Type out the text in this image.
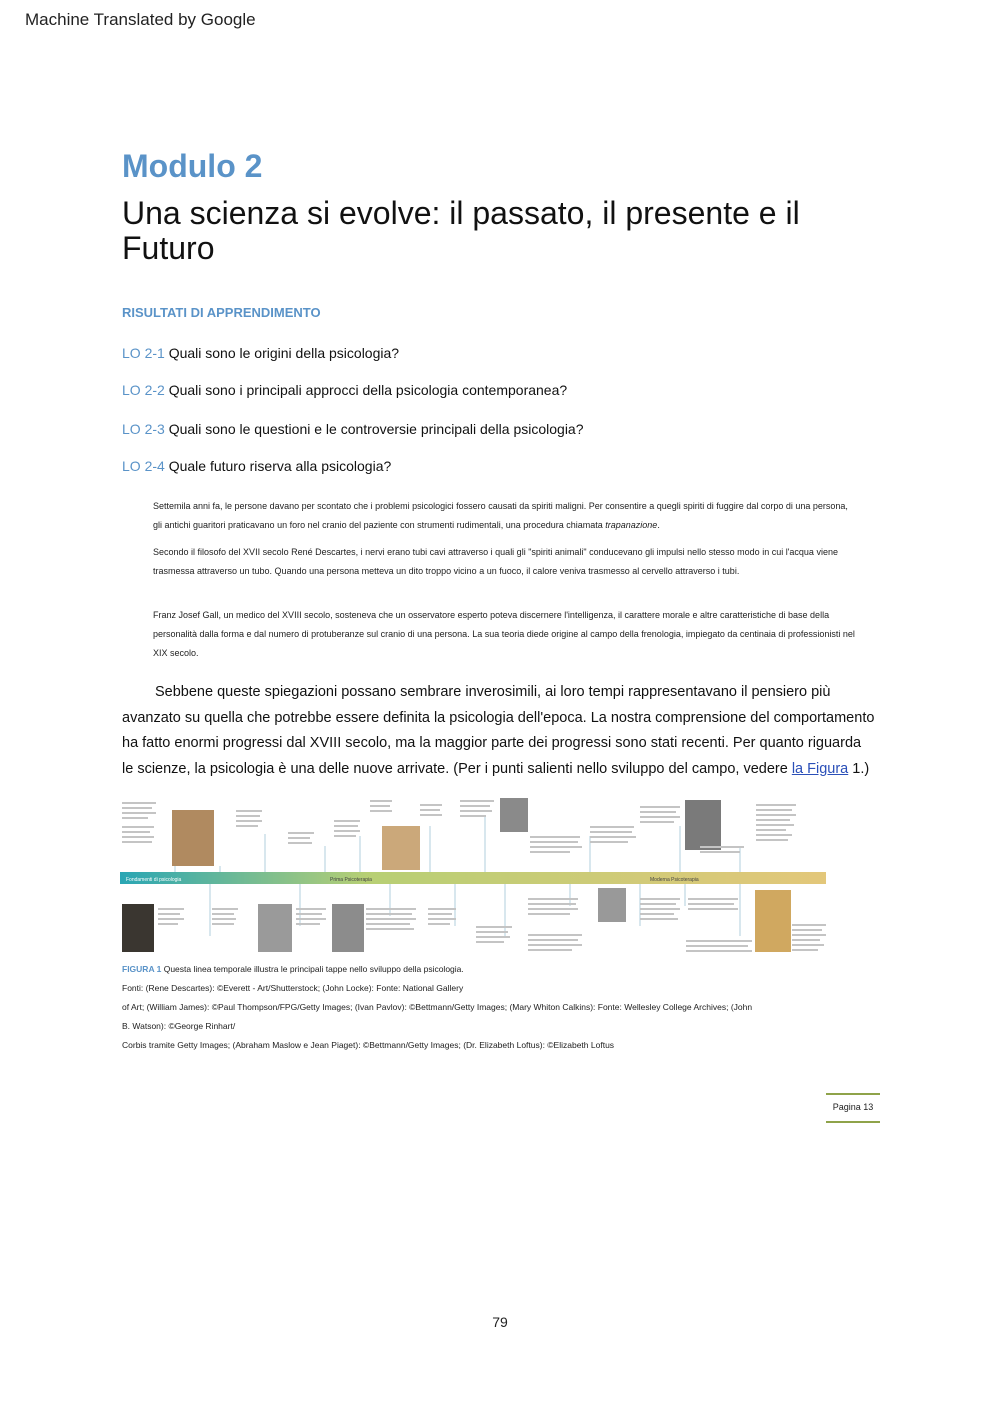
Machine Translated by Google
Modulo 2
Una scienza si evolve: il passato, il presente e il Futuro
RISULTATI DI APPRENDIMENTO
LO 2-1 Quali sono le origini della psicologia?
LO 2-2 Quali sono i principali approcci della psicologia contemporanea?
LO 2-3 Quali sono le questioni e le controversie principali della psicologia?
LO 2-4 Quale futuro riserva alla psicologia?

Settemila anni fa, le persone davano per scontato che i problemi psicologici fossero causati da spiriti maligni. Per consentire a quegli spiriti di fuggire dal corpo di una persona,

gli antichi guaritori praticavano un foro nel cranio del paziente con strumenti rudimentali, una procedura chiamata trapanazione.

Secondo il filosofo del XVII secolo René Descartes, i nervi erano tubi cavi attraverso i quali gli "spiriti animali" conducevano gli impulsi nello stesso modo in cui l'acqua viene

trasmessa attraverso un tubo. Quando una persona metteva un dito troppo vicino a un fuoco, il calore veniva trasmesso al cervello attraverso i tubi.

Franz Josef Gall, un medico del XVIII secolo, sosteneva che un osservatore esperto poteva discernere l'intelligenza, il carattere morale e altre caratteristiche di base della

personalità dalla forma e dal numero di protuberanze sul cranio di una persona. La sua teoria diede origine al campo della frenologia, impiegato da centinaia di professionisti nel

XIX secolo.

Sebbene queste spiegazioni possano sembrare inverosimili, ai loro tempi rappresentavano il pensiero più
avanzato su quella che potrebbe essere definita la psicologia dell'epoca. La nostra comprensione del comportamento
ha fatto enormi progressi dal XVIII secolo, ma la maggior parte dei progressi sono stati recenti. Per quanto riguarda
le scienze, la psicologia è una delle nuove arrivate. (Per i punti salienti nello sviluppo del campo, vedere la Figura 1.)
Fondamenti di psicologia	Prima Psicoterapia	Moderna Psicoterapia
FIGURA 1 Questa linea temporale illustra le principali tappe nello sviluppo della psicologia.
Fonti: (Rene Descartes): ©Everett - Art/Shutterstock; (John Locke): Fonte: National Gallery
of Art; (William James): ©Paul Thompson/FPG/Getty Images; (Ivan Pavlov): ©Bettmann/Getty Images; (Mary Whiton Calkins): Fonte: Wellesley College Archives; (John
B. Watson): ©George Rinhart/
Corbis tramite Getty Images; (Abraham Maslow e Jean Piaget): ©Bettmann/Getty Images; (Dr. Elizabeth Loftus): ©Elizabeth Loftus
Pagina 13
79
